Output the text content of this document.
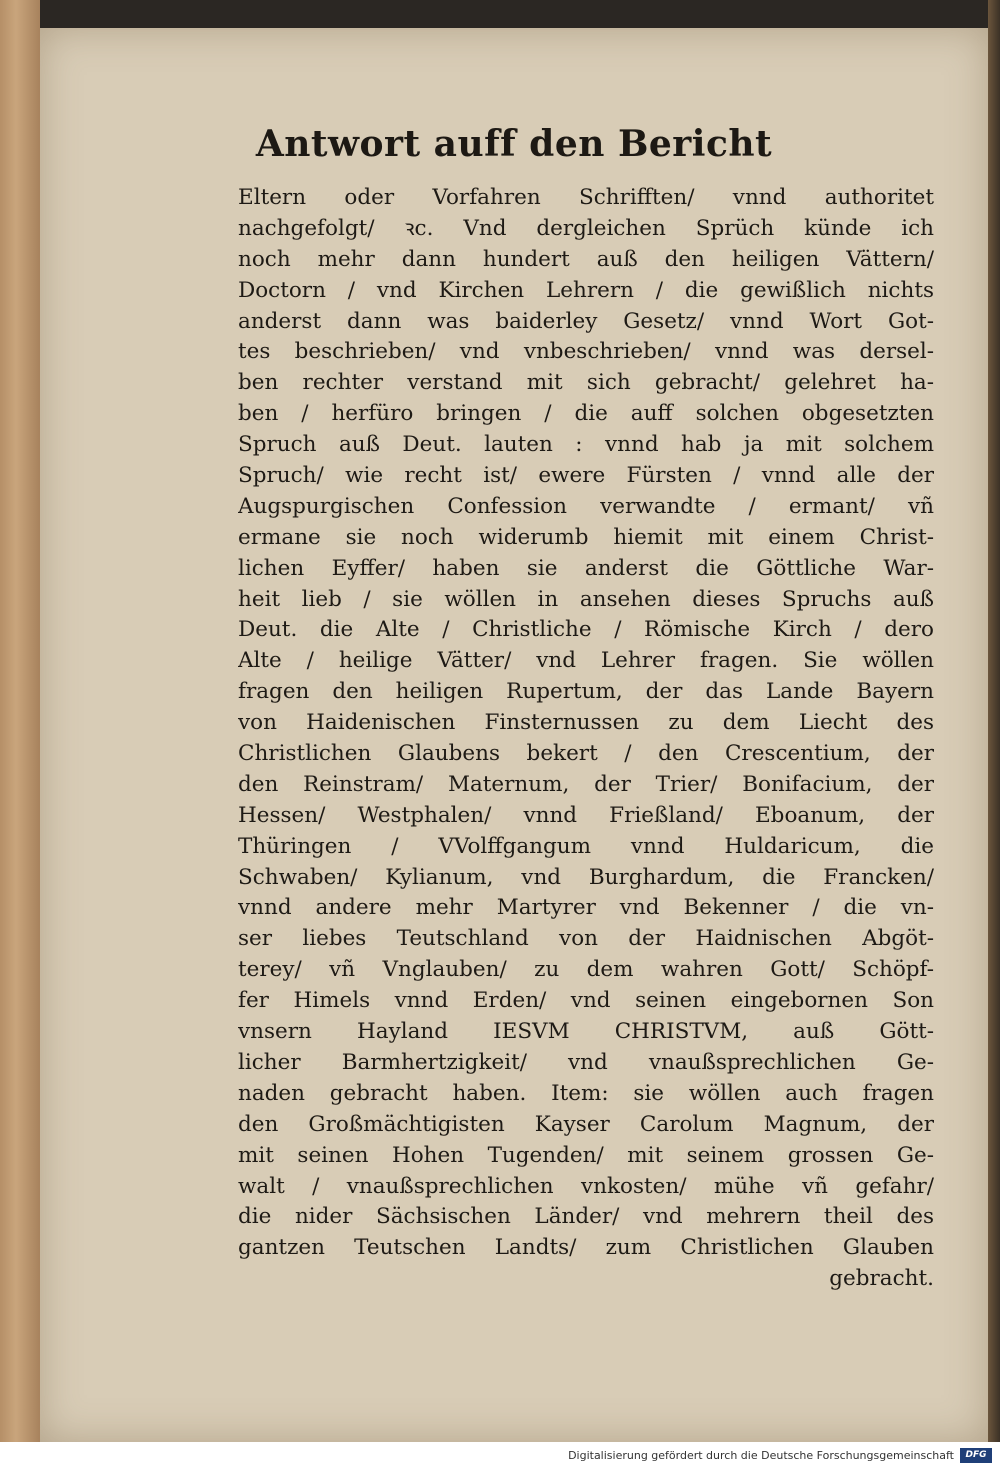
Antwort auff den Bericht
Eltern oder Vorfahren Schrifften/ vnnd authoritet
nachgefolgt/ ꝛc. Vnd dergleichen Sprüch künde ich
noch mehr dann hundert auß den heiligen Vättern/
Doctorn / vnd Kirchen Lehrern / die gewißlich nichts
anderst dann was baiderley Gesetz/ vnnd Wort Got-
tes beschrieben/ vnd vnbeschrieben/ vnnd was dersel-
ben rechter verstand mit sich gebracht/ gelehret ha-
ben / herfüro bringen / die auff solchen obgesetzten
Spruch auß Deut. lauten : vnnd hab ja mit solchem
Spruch/ wie recht ist/ ewere Fürsten / vnnd alle der
Augspurgischen Confession verwandte / ermant/ vñ
ermane sie noch widerumb hiemit mit einem Christ-
lichen Eyffer/ haben sie anderst die Göttliche War-
heit lieb / sie wöllen in ansehen dieses Spruchs auß
Deut. die Alte / Christliche / Römische Kirch / dero
Alte / heilige Vätter/ vnd Lehrer fragen. Sie wöllen
fragen den heiligen Rupertum, der das Lande Bayern
von Haidenischen Finsternussen zu dem Liecht des
Christlichen Glaubens bekert / den Crescentium, der
den Reinstram/ Maternum, der Trier/ Bonifacium, der
Hessen/ Westphalen/ vnnd Frießland/ Eboanum, der
Thüringen / VVolffgangum vnnd Huldaricum, die
Schwaben/ Kylianum, vnd Burghardum, die Francken/
vnnd andere mehr Martyrer vnd Bekenner / die vn-
ser liebes Teutschland von der Haidnischen Abgöt-
terey/ vñ Vnglauben/ zu dem wahren Gott/ Schöpf-
fer Himels vnnd Erden/ vnd seinen eingebornen Son
vnsern Hayland IESVM CHRISTVM, auß Gött-
licher Barmhertzigkeit/ vnd vnaußsprechlichen Ge-
naden gebracht haben. Item: sie wöllen auch fragen
den Großmächtigisten Kayser Carolum Magnum, der
mit seinen Hohen Tugenden/ mit seinem grossen Ge-
walt / vnaußsprechlichen vnkosten/ mühe vñ gefahr/
die nider Sächsischen Länder/ vnd mehrern theil des
gantzen Teutschen Landts/ zum Christlichen Glauben
gebracht.
Digitalisierung gefördert durch die Deutsche Forschungsgemeinschaft	DFG
